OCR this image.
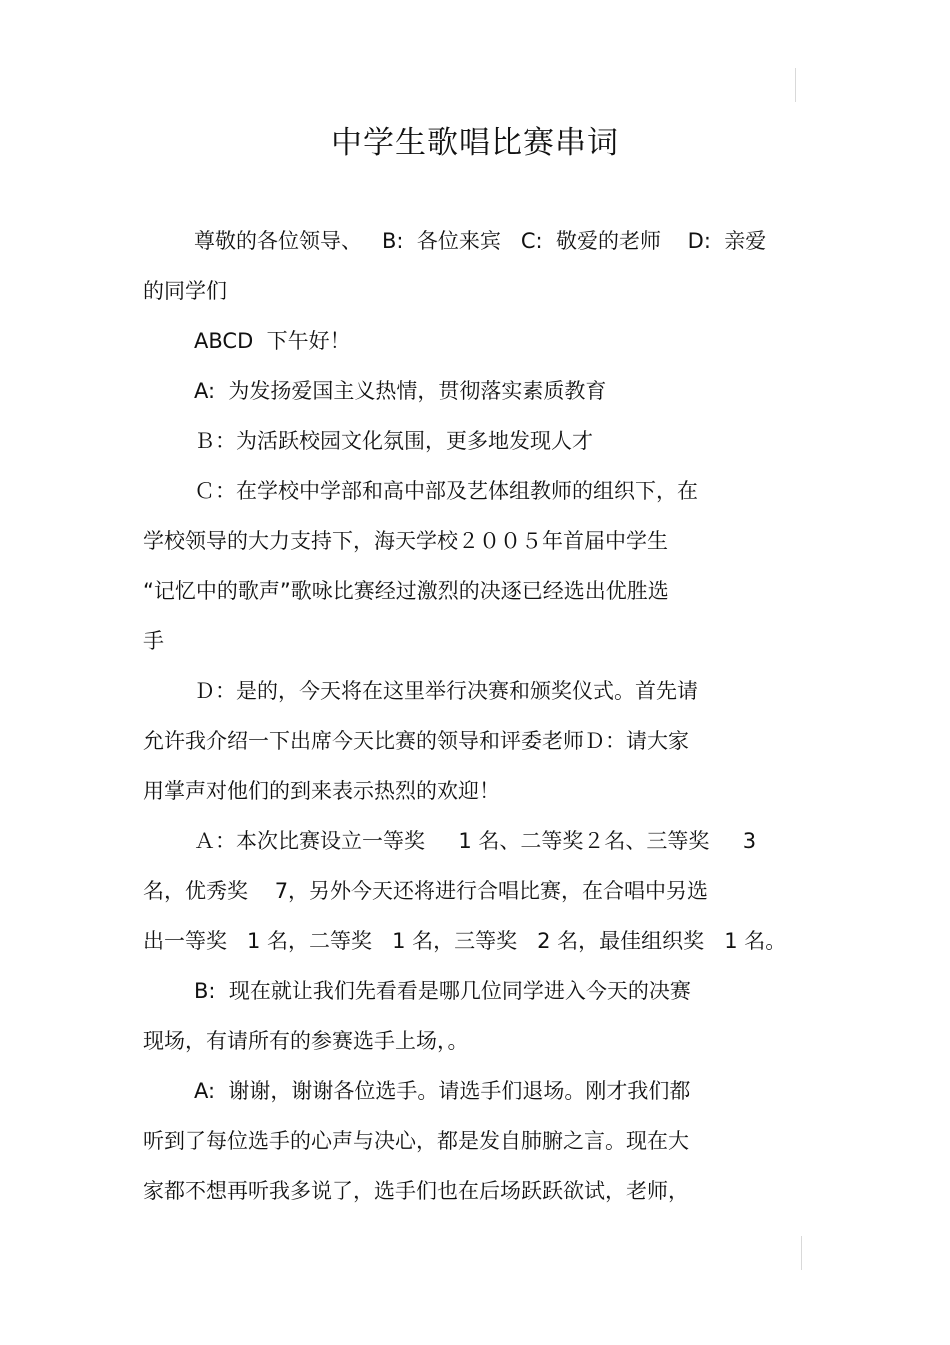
中学生歌唱比赛串词

尊敬的各位领导、   B:  各位来宾   C:  敬爱的老师    D:  亲爱

的同学们

ABCD  下午好！

A:  为发扬爱国主义热情，贯彻落实素质教育

Ｂ：为活跃校园文化氛围，更多地发现人才

Ｃ：在学校中学部和高中部及艺体组教师的组织下，在

学校领导的大力支持下，海天学校２００５年首届中学生

“记忆中的歌声”歌咏比赛经过激烈的决逐已经选出优胜选

手

Ｄ：是的，今天将在这里举行决赛和颁奖仪式。首先请

允许我介绍一下出席今天比赛的领导和评委老师Ｄ：请大家

用掌声对他们的到来表示热烈的欢迎！

Ａ：本次比赛设立一等奖     1 名、二等奖２名、三等奖     3

名，优秀奖    7，另外今天还将进行合唱比赛，在合唱中另选

出一等奖   1 名，二等奖   1 名，三等奖   2 名，最佳组织奖   1 名。

B:  现在就让我们先看看是哪几位同学进入今天的决赛

现场，有请所有的参赛选手上场，。

A:  谢谢，谢谢各位选手。请选手们退场。刚才我们都

听到了每位选手的心声与决心，都是发自肺腑之言。现在大

家都不想再听我多说了，选手们也在后场跃跃欲试，老师，
